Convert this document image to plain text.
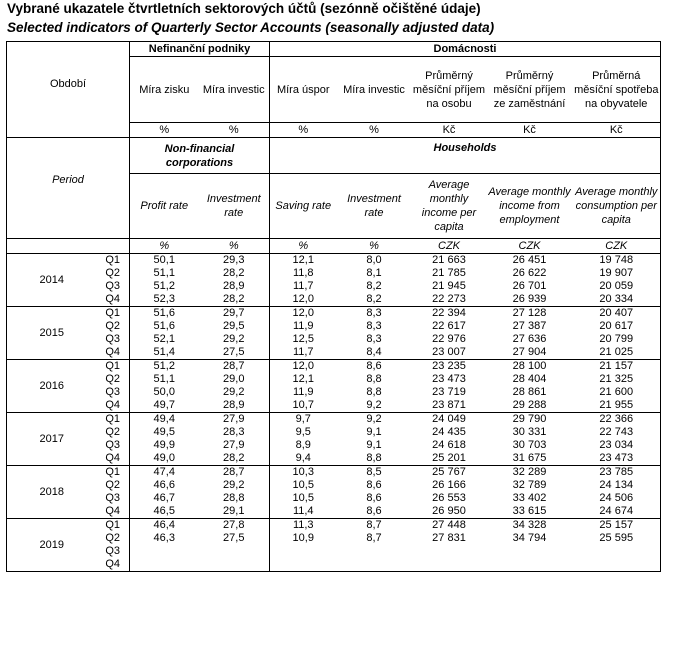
Vybrané ukazatele čtvrtletních sektorových účtů (sezónně očištěné údaje)
Selected indicators of Quarterly Sector Accounts (seasonally adjusted data)
Období		Nefinanční podniky		Domácnosti				
		Míra zisku	Míra investic	Míra úspor	Míra investic	Průměrný měsíční příjem na osobu	Průměrný měsíční příjem ze zaměstnání	Průměrná měsíční spotřeba na obyvatele
		%	%	%	%	Kč	Kč	Kč

Period		Non-financial corporations		Households				
		Profit rate	Investment rate	Saving rate	Investment rate	Average monthly income per capita	Average monthly income from employment	Average monthly consumption per capita
		%	%	%	%	CZK	CZK	CZK
2014	Q1	50,1	29,3	12,1	8,0	21 663	26 451	19 748
	Q2	51,1	28,2	11,8	8,1	21 785	26 622	19 907
	Q3	51,2	28,9	11,7	8,2	21 945	26 701	20 059
	Q4	52,3	28,2	12,0	8,2	22 273	26 939	20 334
2015	Q1	51,6	29,7	12,0	8,3	22 394	27 128	20 407
	Q2	51,6	29,5	11,9	8,3	22 617	27 387	20 617
	Q3	52,1	29,2	12,5	8,3	22 976	27 636	20 799
	Q4	51,4	27,5	11,7	8,4	23 007	27 904	21 025
2016	Q1	51,2	28,7	12,0	8,6	23 235	28 100	21 157
	Q2	51,1	29,0	12,1	8,8	23 473	28 404	21 325
	Q3	50,0	29,2	11,9	8,8	23 719	28 861	21 600
	Q4	49,7	28,9	10,7	9,2	23 871	29 288	21 955
2017	Q1	49,4	27,9	9,7	9,2	24 049	29 790	22 366
	Q2	49,5	28,3	9,5	9,1	24 435	30 331	22 743
	Q3	49,9	27,9	8,9	9,1	24 618	30 703	23 034
	Q4	49,0	28,2	9,4	8,8	25 201	31 675	23 473
2018	Q1	47,4	28,7	10,3	8,5	25 767	32 289	23 785
	Q2	46,6	29,2	10,5	8,6	26 166	32 789	24 134
	Q3	46,7	28,8	10,5	8,6	26 553	33 402	24 506
	Q4	46,5	29,1	11,4	8,6	26 950	33 615	24 674
2019	Q1	46,4	27,8	11,3	8,7	27 448	34 328	25 157
	Q2	46,3	27,5	10,9	8,7	27 831	34 794	25 595
	Q3							
	Q4							
